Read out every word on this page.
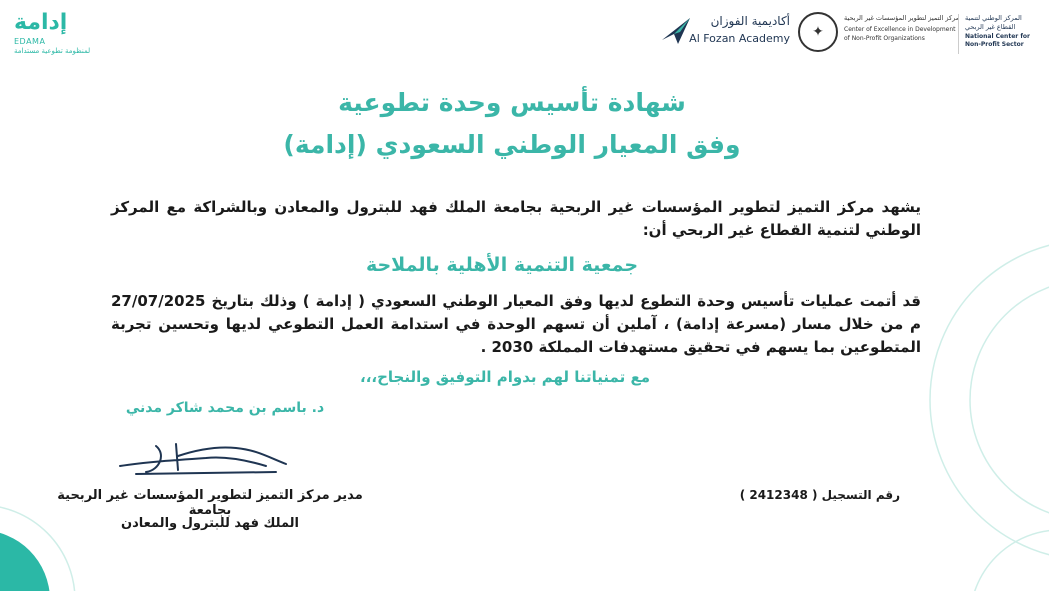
إدامة
EDAMA
لمنظومة تطوعية مستدامة
أكاديمية الفوزان
Al Fozan Academy	✦
مركز التميز لتطوير المؤسسات غير الربحية
Center of Excellence in Development
of Non-Profit Organizations
المركز الوطني لتنمية
القطاع غير الربحي
National Center for
Non-Profit Sector
شهادة تأسيس وحدة تطوعية
وفق المعيار الوطني السعودي (إدامة)
يشهد مركز التميز لتطوير المؤسسات غير الربحية بجامعة الملك فهد للبترول والمعادن وبالشراكة مع المركز الوطني لتنمية القطاع غير الربحي أن:
جمعية التنمية الأهلية بالملاحة
قد أتمت عمليات تأسيس وحدة التطوع لديها وفق المعيار الوطني السعودي ( إدامة ) وذلك بتاريخ 27/07/2025 م من خلال مسار (مسرعة إدامة) ، آملين أن تسهم الوحدة في استدامة العمل التطوعي لديها وتحسين تجربة المتطوعين بما يسهم في تحقيق مستهدفات المملكة 2030 .
مع تمنياتنا لهم بدوام التوفيق والنجاح،،،
د. باسم بن محمد شاكر مدني
مدير مركز التميز لتطوير المؤسسات غير الربحية بجامعة
الملك فهد للبترول والمعادن
رقم التسجيل ( 2412348 )
